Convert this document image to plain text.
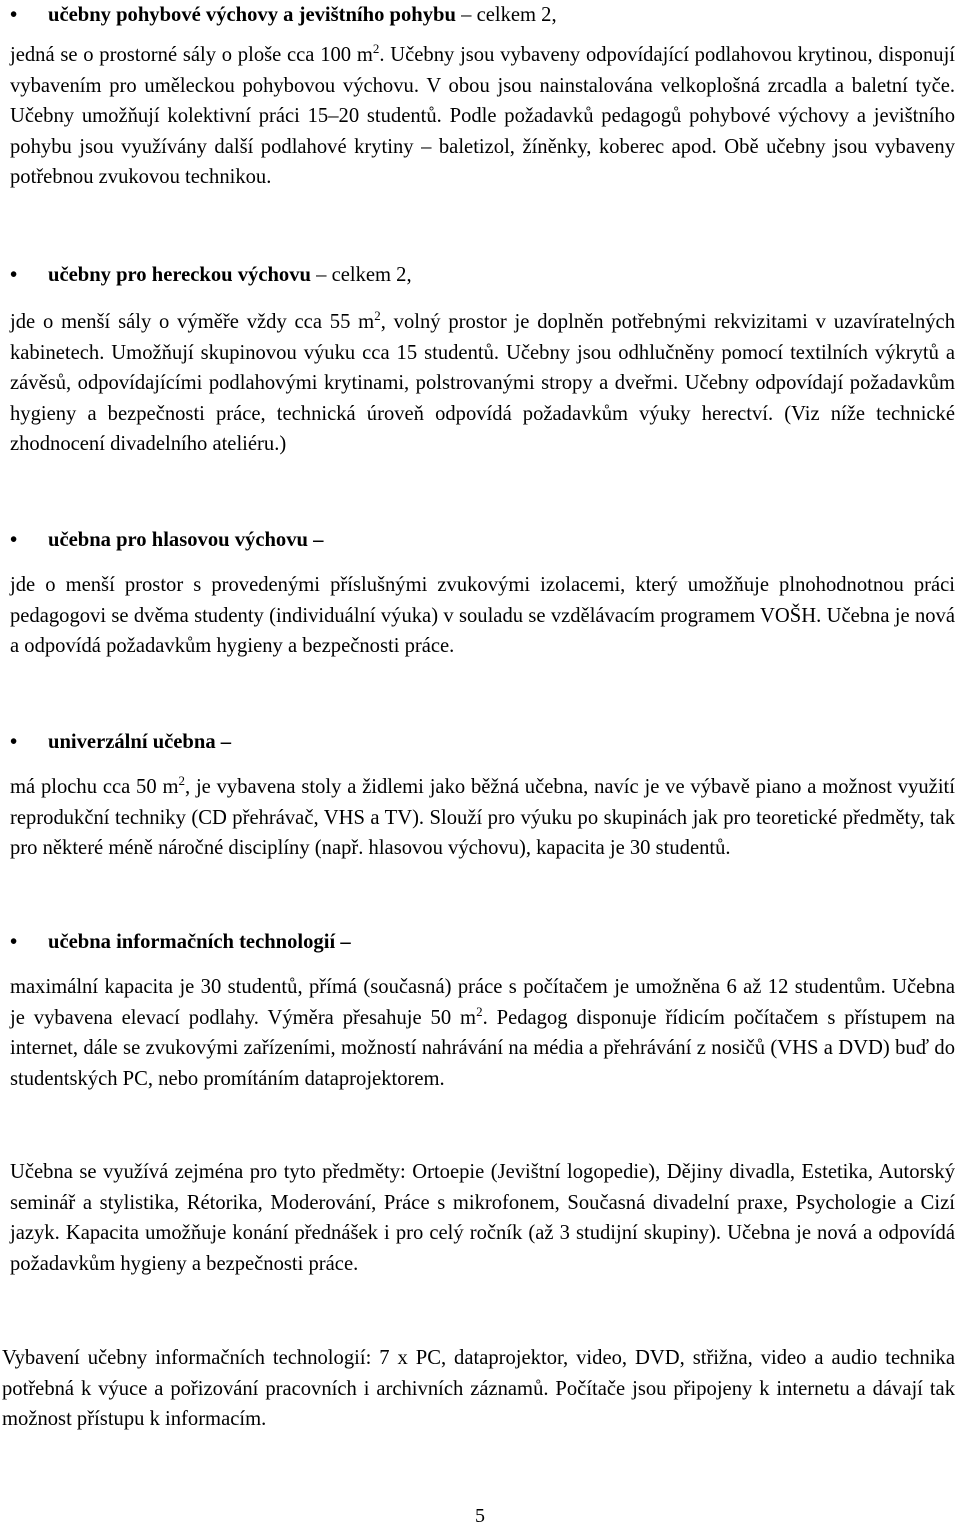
• učebny pohybové výchovy a jevištního pohybu – celkem 2,

jedná se o prostorné sály o ploše cca 100 $m^2$. Učebny jsou vybaveny odpovídající podlahovou krytinou, disponují vybavením pro uměleckou pohybovou výchovu. V obou jsou nainstalována velkoplošná zrcadla a baletní tyče. Učebny umožňují kolektivní práci 15–20 studentů. Podle požadavků pedagogů pohybové výchovy a jevištního pohybu jsou využívány další podlahové krytiny – baletizol, žíněnky, koberec apod. Obě učebny jsou vybaveny potřebnou zvukovou technikou.

• učebny pro hereckou výchovu – celkem 2,

jde o menší sály o výměře vždy cca 55 $m^2$, volný prostor je doplněn potřebnými rekvizitami v uzavíratelných kabinetech. Umožňují skupinovou výuku cca 15 studentů. Učebny jsou odhlučněny pomocí textilních výkrytů a závěsů, odpovídajícími podlahovými krytinami, polstrovanými stropy a dveřmi. Učebny odpovídají požadavkům hygieny a bezpečnosti práce, technická úroveň odpovídá požadavkům výuky herectví. (Viz níže technické zhodnocení divadelního ateliéru.)

• učebna pro hlasovou výchovu –

jde o menší prostor s provedenými příslušnými zvukovými izolacemi, který umožňuje plnohodnotnou práci pedagogovi se dvěma studenty (individuální výuka) v souladu se vzdělávacím programem VOŠH. Učebna je nová a odpovídá požadavkům hygieny a bezpečnosti práce.

• univerzální učebna –

má plochu cca 50 $m^2$, je vybavena stoly a židlemi jako běžná učebna, navíc je ve výbavě piano a možnost využití reprodukční techniky (CD přehrávač, VHS a TV). Slouží pro výuku po skupinách jak pro teoretické předměty, tak pro některé méně náročné disciplíny (např. hlasovou výchovu), kapacita je 30 studentů.

• učebna informačních technologií –

maximální kapacita je 30 studentů, přímá (současná) práce s počítačem je umožněna 6 až 12 studentům. Učebna je vybavena elevací podlahy. Výměra přesahuje 50 $m^2$. Pedagog disponuje řídicím počítačem s přístupem na internet, dále se zvukovými zařízeními, možností nahrávání na média a přehrávání z nosičů (VHS a DVD) buď do studentských PC, nebo promítáním dataprojektorem.

Učebna se využívá zejména pro tyto předměty: Ortoepie (Jevištní logopedie), Dějiny divadla, Estetika, Autorský seminář a stylistika, Rétorika, Moderování, Práce s mikrofonem, Současná divadelní praxe, Psychologie a Cizí jazyk. Kapacita umožňuje konání přednášek i pro celý ročník (až 3 studijní skupiny). Učebna je nová a odpovídá požadavkům hygieny a bezpečnosti práce.

Vybavení učebny informačních technologií: 7 x PC, dataprojektor, video, DVD, střižna, video a audio technika potřebná k výuce a pořizování pracovních i archivních záznamů. Počítače jsou připojeny k internetu a dávají tak možnost přístupu k informacím.

5
